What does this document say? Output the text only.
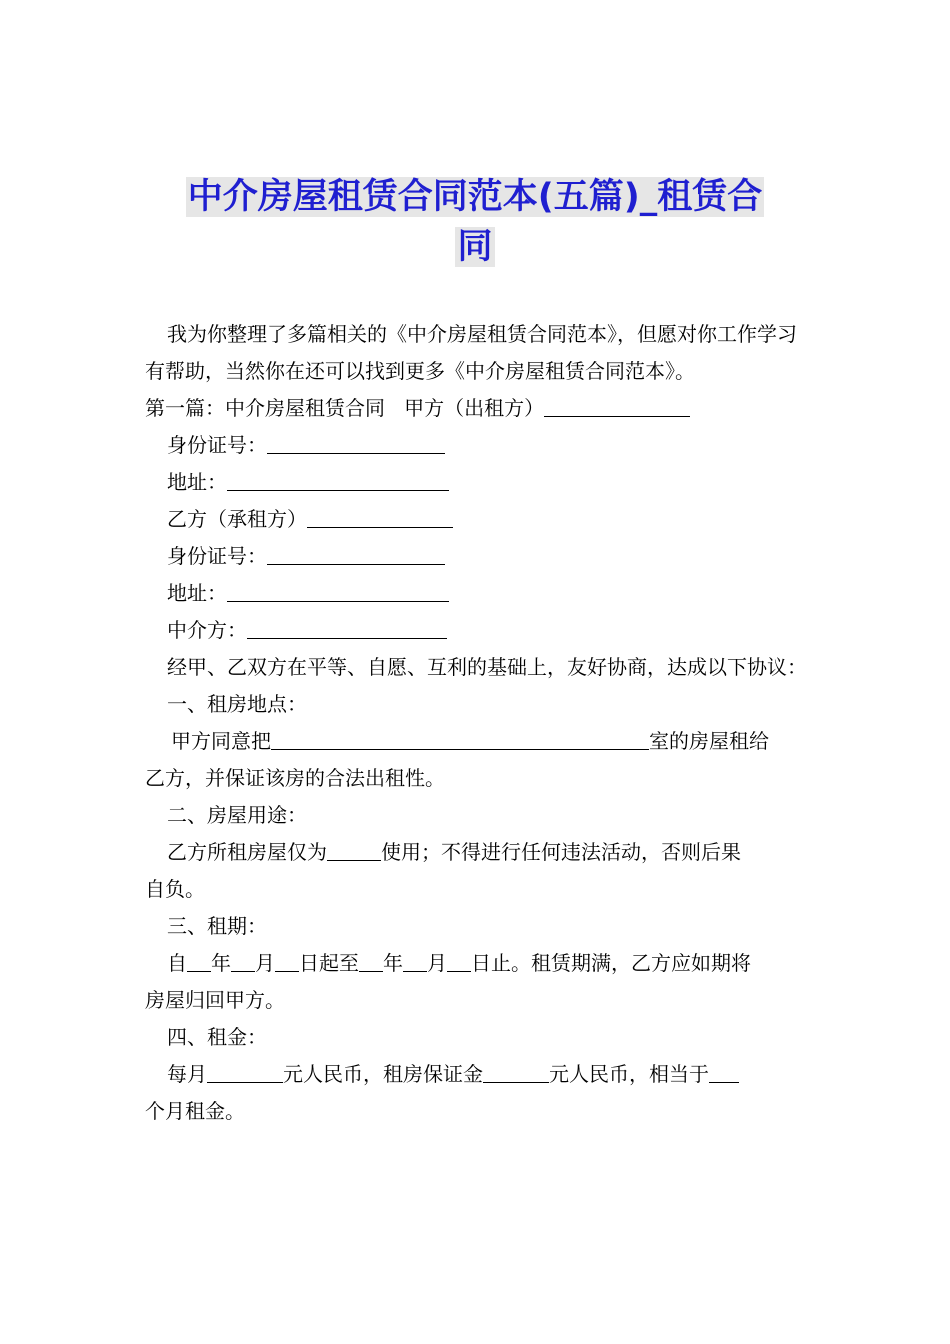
中介房屋租赁合同范本(五篇)_租赁合
同

我为你整理了多篇相关的《中介房屋租赁合同范本》，但愿对你工作学习有帮助，当然你在还可以找到更多《中介房屋租赁合同范本》。

第一篇：中介房屋租赁合同 甲方（出租方）

身份证号：

地址：

乙方（承租方）

身份证号：

地址：

中介方：

经甲、乙双方在平等、自愿、互利的基础上，友好协商，达成以下协议：

一、租房地点：

甲方同意把	室的房屋租给

乙方，并保证该房的合法出租性。

二、房屋用途：

乙方所租房屋仅为	使用；不得进行任何违法活动，否则后果

自负。

三、租期：

自 年 月 日起至 年 月 日止。租赁期满，乙方应如期将

房屋归回甲方。

四、租金：

每月	元人民币，租房保证金	元人民币，相当于

个月租金。
